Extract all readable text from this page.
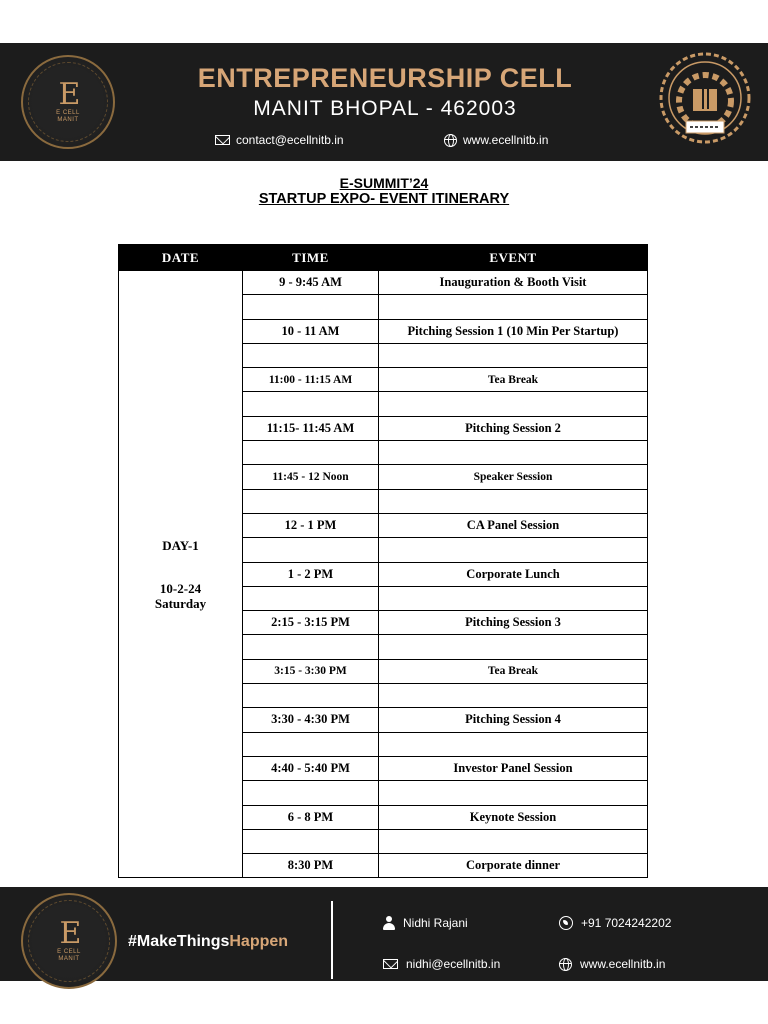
E
E CELL
MANIT
ENTREPRENEURSHIP CELL
MANIT BHOPAL - 462003
contact@ecellnitb.in	www.ecellnitb.in
E-SUMMIT’24
STARTUP EXPO- EVENT ITINERARY
DATE	TIME	EVENT

DAY-1
10-2-24
Saturday	9 - 9:45 AM	Inauguration & Booth Visit

	10 - 11 AM	Pitching Session 1 (10 Min Per Startup)

	11:00 - 11:15 AM	Tea Break

	11:15- 11:45 AM	Pitching Session 2

	11:45 - 12 Noon	Speaker Session

	12 - 1 PM	CA Panel Session

	1 - 2 PM	Corporate Lunch

	2:15 - 3:15 PM	Pitching Session 3

	3:15 - 3:30 PM	Tea Break

	3:30 - 4:30 PM	Pitching Session 4

	4:40 - 5:40 PM	Investor Panel Session

	6 - 8 PM	Keynote Session

	8:30 PM	Corporate dinner
E
E CELL
MANIT
#MakeThingsHappen
Nidhi Rajani	+91 7024242202
nidhi@ecellnitb.in	www.ecellnitb.in
